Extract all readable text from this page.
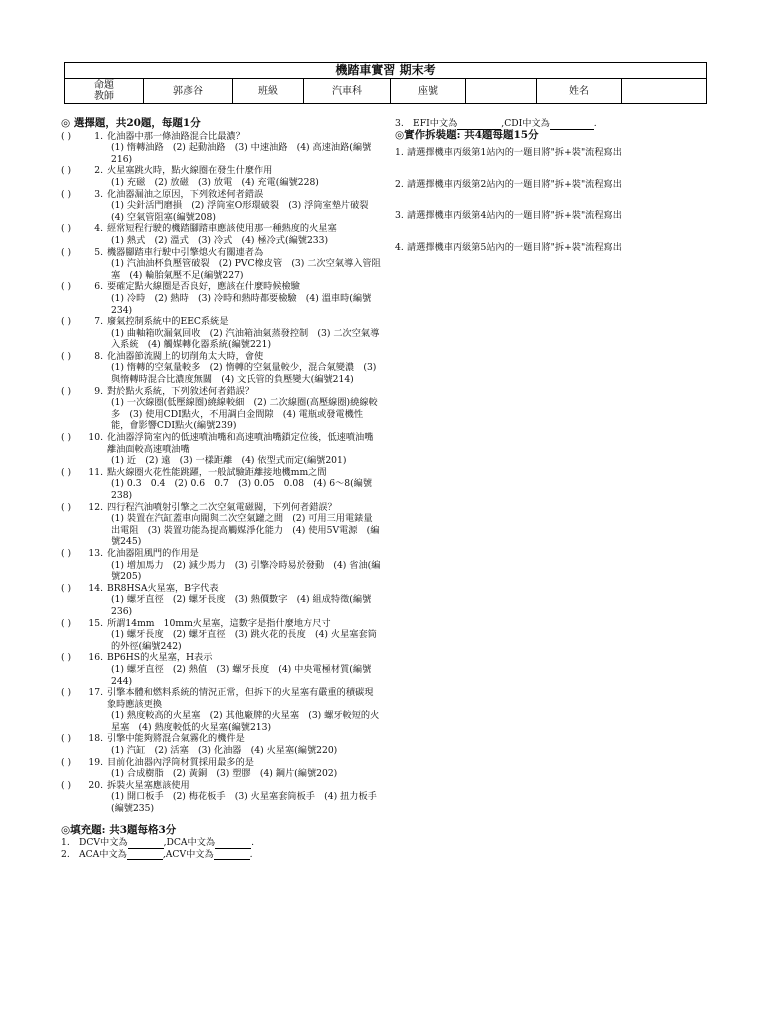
機踏車實習 期末考
命題
教師	郭彥谷	班級	汽車科	座號		姓名	
◎ 選擇題，共20題，每題1分
( )	1. 化油器中那一條油路混合比最濃？
(1) 惰轉油路　(2) 起動油路　(3) 中速油路　(4) 高速油路(編號216)
( )	2. 火星塞跳火時，點火線圈在發生什麼作用
(1) 充磁　(2) 放磁　(3) 放電　(4) 充電(編號228)
( )	3. 化油器漏油之原因，下列敘述何者錯誤
(1) 尖針活門磨損　(2) 浮筒室O形環破裂　(3) 浮筒室墊片破裂　(4) 空氣管阻塞(編號208)
( )	4. 經常短程行駛的機踏腳踏車應該使用那一種熱度的火星塞
(1) 熱式　(2) 溫式　(3) 冷式　(4) 極冷式(編號233)
( )	5. 機器腳踏車行駛中引擎熄火有關連者為
(1) 汽油油杯負壓管破裂　(2) PVC橡皮管　(3) 二次空氣導入管阻塞　(4) 輪胎氣壓不足(編號227)
( )	6. 要確定點火線圈是否良好，應該在什麼時候檢驗
(1) 冷時　(2) 熱時　(3) 冷時和熱時都要檢驗　(4) 溫車時(編號234)
( )	7. 廢氣控制系統中的EEC系統是
(1) 曲軸箱吹漏氣回收　(2) 汽油箱油氣蒸發控制　(3) 二次空氣導入系統　(4) 觸媒轉化器系統(編號221)
( )	8. 化油器節流閥上的切削角太大時，會使
(1) 惰轉的空氣量較多　(2) 惰轉的空氣量較少，混合氣變濃　(3) 與惰轉時混合比濃度無關　(4) 文氏管的負壓變大(編號214)
( )	9. 對於點火系統，下列敘述何者錯誤？
(1) 一次線圈(低壓線圈)繞線較細　(2) 二次線圈(高壓線圈)繞線較多　(3) 使用CDI點火，不用調白金間隙　(4) 電瓶或發電機性能，會影響CDI點火(編號239)
( )	10. 化油器浮筒室內的低速噴油嘴和高速噴油嘴鎖定位後，低速噴油嘴離油面較高速噴油嘴
(1) 近　(2) 遠　(3) 一樣距離　(4) 依型式而定(編號201)
( )	11. 點火線圈火花性能跳躍，一般試驗距離接地機mm之間
(1) 0.3　0.4　(2) 0.6　0.7　(3) 0.05　0.08　(4) 6～8(編號238)
( )	12. 四行程汽油噴射引擎之二次空氣電磁閥，下列何者錯誤？
(1) 裝置在汽缸蓋車向閥與二次空氣罐之間　(2) 可用三用電錶量出電阻　(3) 裝置功能為提高觸媒淨化能力　(4) 使用5V電源　(編號245)
( )	13. 化油器阻風門的作用是
(1) 增加馬力　(2) 減少馬力　(3) 引擎冷時易於發動　(4) 省油(編號205)
( )	14. BR8HSA火星塞，B字代表
(1) 螺牙直徑　(2) 螺牙長度　(3) 熱價數字　(4) 組成特徵(編號236)
( )	15. 所謂14mm　10mm火星塞，這數字是指什麼地方尺寸
(1) 螺牙長度　(2) 螺牙直徑　(3) 跳火花的長度　(4) 火星塞套筒的外徑(編號242)
( )	16. BP6HS的火星塞，H表示
(1) 螺牙直徑　(2) 熱值　(3) 螺牙長度　(4) 中央電極材質(編號244)
( )	17. 引擎本體和燃料系統的情況正常，但拆下的火星塞有嚴重的積碳現象時應該更換
(1) 熱度較高的火星塞　(2) 其他廠牌的火星塞　(3) 螺牙較短的火星塞　(4) 熱度較低的火星塞(編號213)
( )	18. 引擎中能夠將混合氣霧化的機件是
(1) 汽缸　(2) 活塞　(3) 化油器　(4) 火星塞(編號220)
( )	19. 目前化油器內浮筒材質採用最多的是
(1) 合成樹脂　(2) 黃銅　(3) 塑膠　(4) 鋼片(編號202)
( )	20. 拆裝火星塞應該使用
(1) 開口板手　(2) 梅花板手　(3) 火星塞套筒板手　(4) 扭力板手(編號235)
◎填充題: 共3題每格3分
1.	DCV中文為	,DCA中文為	.
2.	ACA中文為	,ACV中文為	.
3.	EFI中文為	,CDI中文為	.
◎實作拆裝題: 共4題每題15分
1. 請選擇機車丙級第1站內的一題目將"拆+裝"流程寫出
2. 請選擇機車丙級第2站內的一題目將"拆+裝"流程寫出
3. 請選擇機車丙級第4站內的一題目將"拆+裝"流程寫出
4. 請選擇機車丙級第5站內的一題目將"拆+裝"流程寫出
